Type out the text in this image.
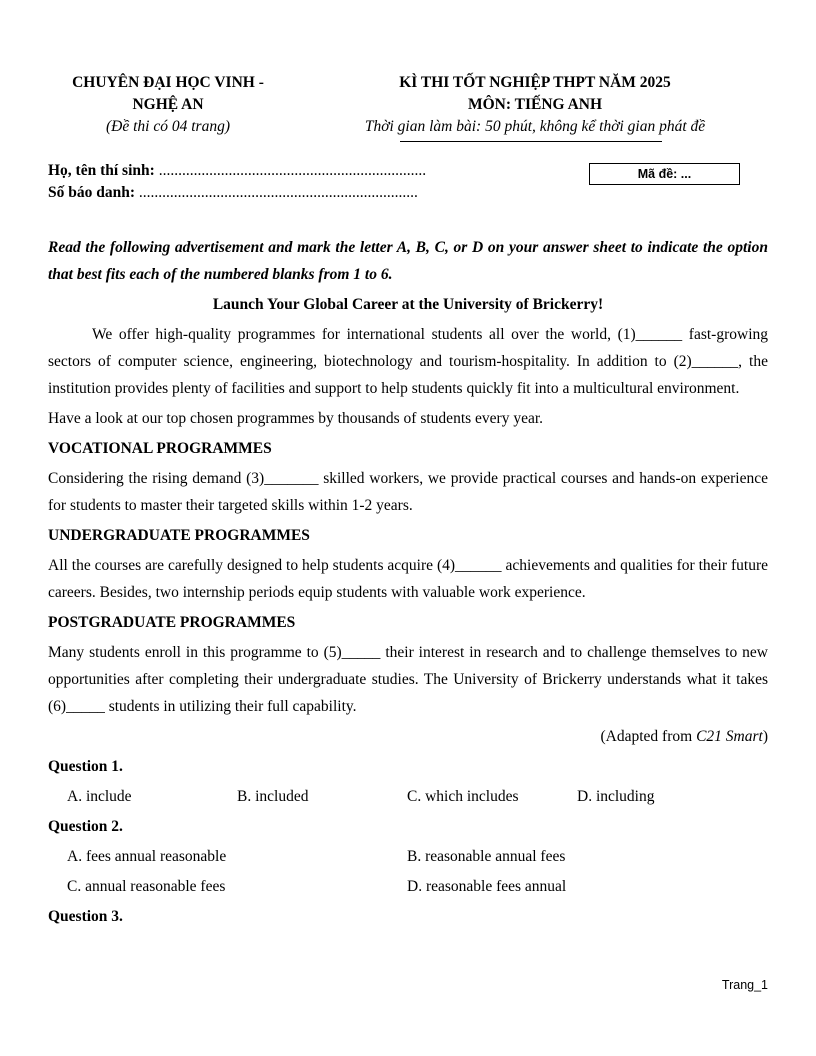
CHUYÊN ĐẠI HỌC VINH -
NGHỆ AN
(Đề thi có 04 trang)
KÌ THI TỐT NGHIỆP THPT NĂM 2025
MÔN: TIẾNG ANH
Thời gian làm bài: 50 phút, không kể thời gian phát đề
Họ, tên thí sinh: .....................................................................
Số báo danh: ........................................................................
Mã đề: ...

Read the following advertisement and mark the letter A, B, C, or D on your answer sheet to indicate the option that best fits each of the numbered blanks from 1 to 6.

Launch Your Global Career at the University of Brickerry!

We offer high-quality programmes for international students all over the world, (1)______ fast-growing sectors of computer science, engineering, biotechnology and tourism-hospitality. In addition to (2)______, the institution provides plenty of facilities and support to help students quickly fit into a multicultural environment.

Have a look at our top chosen programmes by thousands of students every year.

VOCATIONAL PROGRAMMES

Considering the rising demand (3)_______ skilled workers, we provide practical courses and hands-on experience for students to master their targeted skills within 1-2 years.

UNDERGRADUATE PROGRAMMES

All the courses are carefully designed to help students acquire (4)______ achievements and qualities for their future careers. Besides, two internship periods equip students with valuable work experience.

POSTGRADUATE PROGRAMMES

Many students enroll in this programme to (5)_____ their interest in research and to challenge themselves to new opportunities after completing their undergraduate studies. The University of Brickerry understands what it takes (6)_____ students in utilizing their full capability.

(Adapted from C21 Smart)

Question 1.

A. include	B. included	C. which includes	D. including

Question 2.

A. fees annual reasonable	B. reasonable annual fees
C. annual reasonable fees	D. reasonable fees annual

Question 3.

Trang_1
